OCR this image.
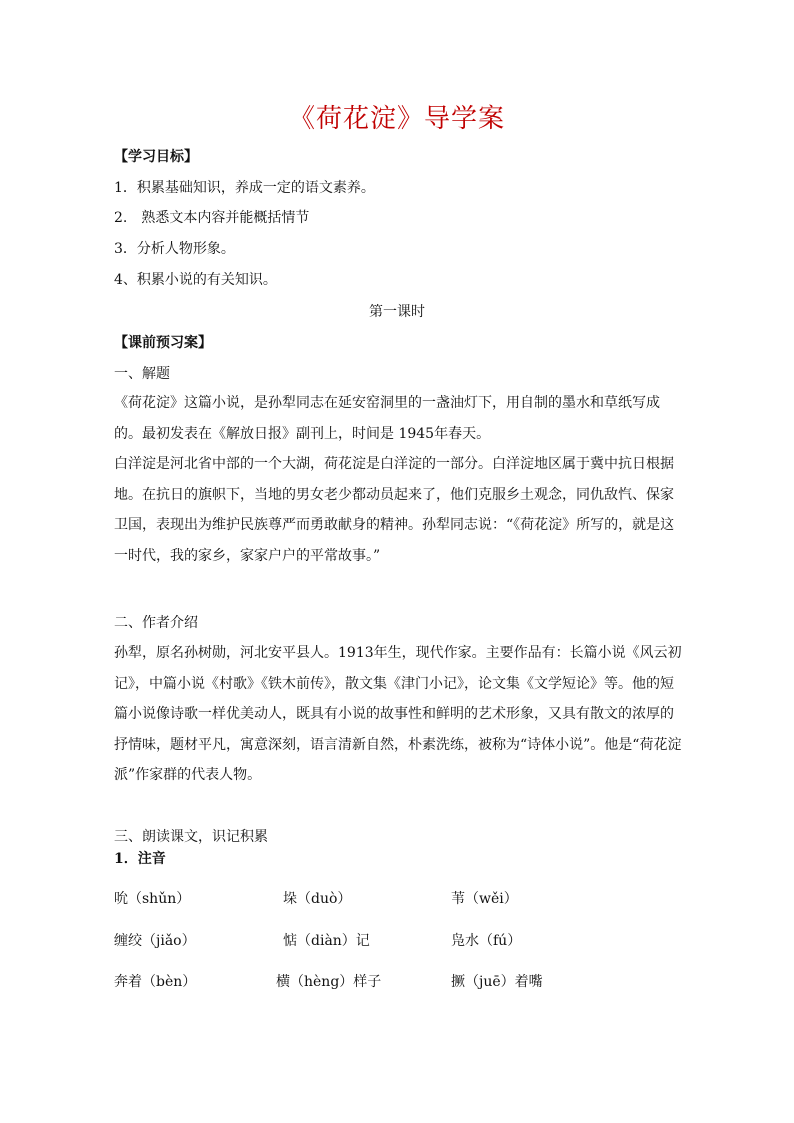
《荷花淀》导学案
【学习目标】
1．积累基础知识，养成一定的语文素养。
2.　熟悉文本内容并能概括情节
3．分析人物形象。
4、积累小说的有关知识。
第一课时
【课前预习案】
一、解题
《荷花淀》这篇小说，是孙犁同志在延安窑洞里的一盏油灯下，用自制的墨水和草纸写成的。最初发表在《解放日报》副刊上，时间是 1945年春天。
白洋淀是河北省中部的一个大湖，荷花淀是白洋淀的一部分。白洋淀地区属于冀中抗日根据地。在抗日的旗帜下，当地的男女老少都动员起来了，他们克服乡土观念，同仇敌忾、保家卫国，表现出为维护民族尊严而勇敢献身的精神。孙犁同志说：“《荷花淀》所写的，就是这一时代，我的家乡，家家户户的平常故事。”
二、作者介绍
孙犁，原名孙树勋，河北安平县人。1913年生，现代作家。主要作品有：长篇小说《风云初记》，中篇小说《村歌》《铁木前传》，散文集《津门小记》，论文集《文学短论》等。他的短篇小说像诗歌一样优美动人，既具有小说的故事性和鲜明的艺术形象，又具有散文的浓厚的抒情味，题材平凡，寓意深刻，语言清新自然，朴素洗练，被称为“诗体小说”。他是“荷花淀派”作家群的代表人物。
三、朗读课文，识记积累
1．注音
吮（shǔn）	垛（duò）	苇（wěi）
缠绞（jiǎo）	惦（diàn）记	凫水（fú）
奔着（bèn）	横（hèng）样子	撅（juē）着嘴
